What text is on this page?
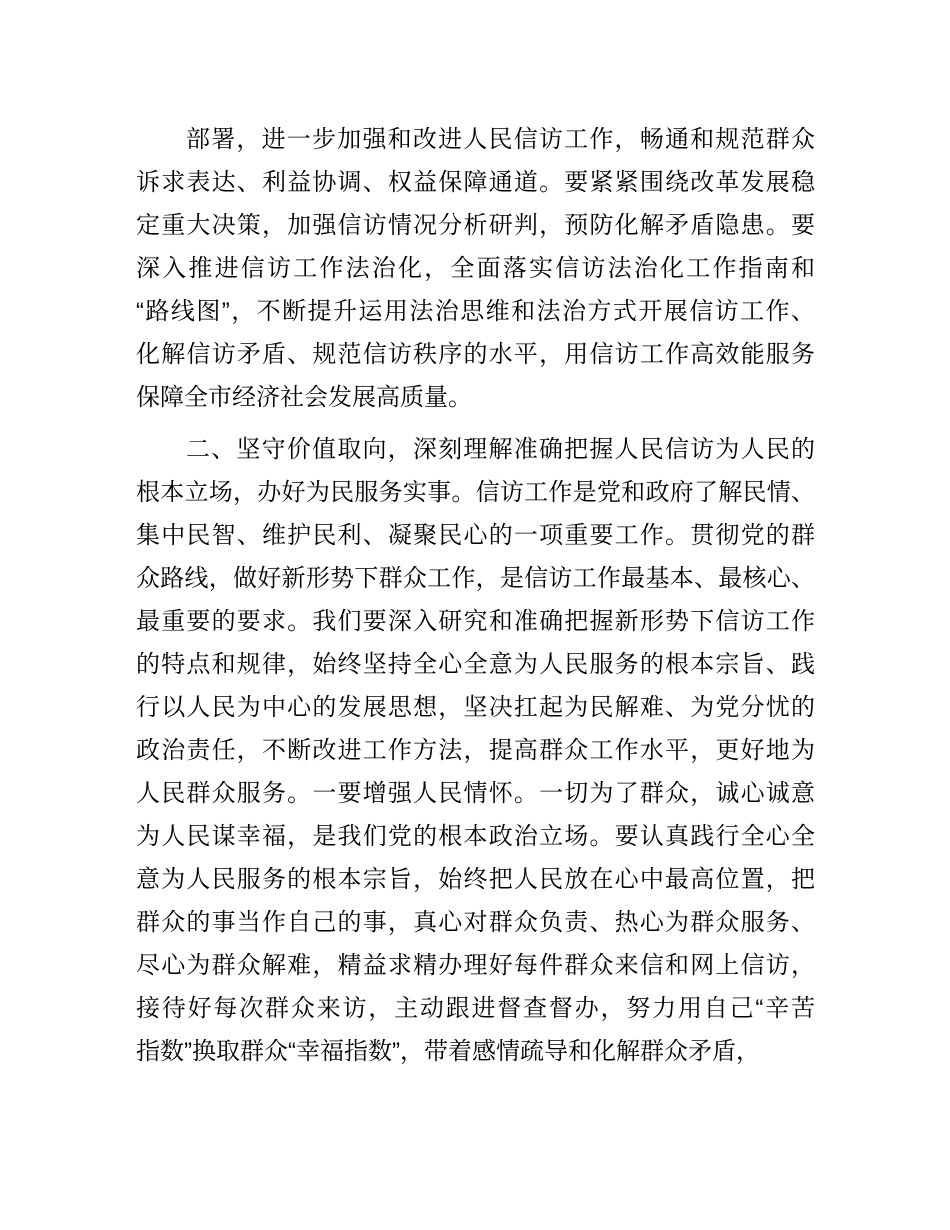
部署，进一步加强和改进人民信访工作，畅通和规范群众
诉求表达、利益协调、权益保障通道。要紧紧围绕改革发展稳
定重大决策，加强信访情况分析研判，预防化解矛盾隐患。要
深入推进信访工作法治化，全面落实信访法治化工作指南和
“路线图”，不断提升运用法治思维和法治方式开展信访工作、
化解信访矛盾、规范信访秩序的水平，用信访工作高效能服务
保障全市经济社会发展高质量。
二、坚守价值取向，深刻理解准确把握人民信访为人民的
根本立场，办好为民服务实事。信访工作是党和政府了解民情、
集中民智、维护民利、凝聚民心的一项重要工作。贯彻党的群
众路线，做好新形势下群众工作，是信访工作最基本、最核心、
最重要的要求。我们要深入研究和准确把握新形势下信访工作
的特点和规律，始终坚持全心全意为人民服务的根本宗旨、践
行以人民为中心的发展思想，坚决扛起为民解难、为党分忧的
政治责任，不断改进工作方法，提高群众工作水平，更好地为
人民群众服务。一要增强人民情怀。一切为了群众，诚心诚意
为人民谋幸福，是我们党的根本政治立场。要认真践行全心全
意为人民服务的根本宗旨，始终把人民放在心中最高位置，把
群众的事当作自己的事，真心对群众负责、热心为群众服务、
尽心为群众解难，精益求精办理好每件群众来信和网上信访，
接待好每次群众来访，主动跟进督查督办，努力用自己“辛苦
指数”换取群众“幸福指数”，带着感情疏导和化解群众矛盾，
